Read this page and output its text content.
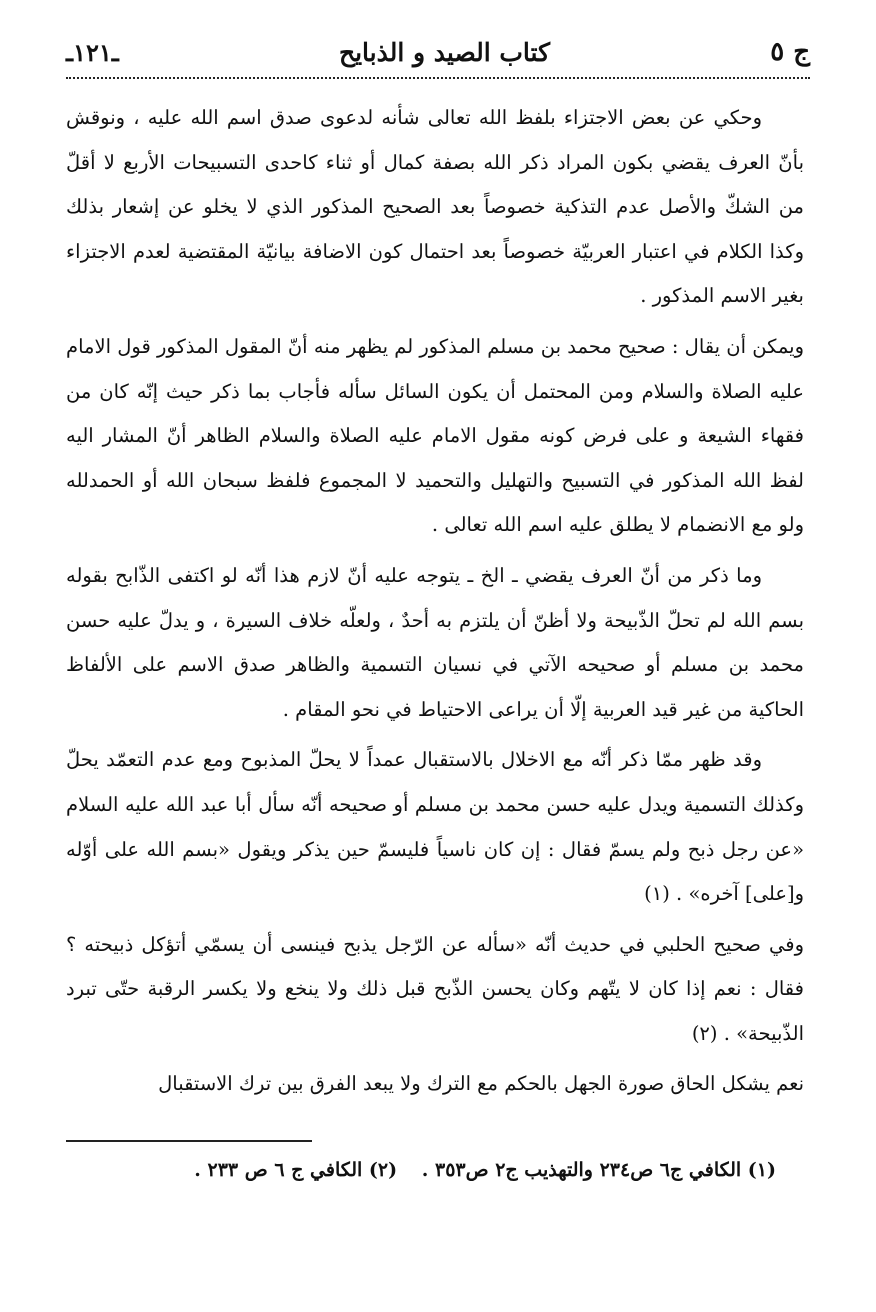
ج ٥
كتاب الصيد و الذبايح
ـ١٢١ـ

وحكي عن بعض الاجتزاء بلفظ الله تعالى شأنه لدعوى صدق اسم الله عليه ، ونوقش بأنّ العرف يقضي بكون المراد ذكر الله بصفة كمال أو ثناء كاحدى التسبيحات الأربع لا أقلّ من الشكّ والأصل عدم التذكية خصوصاً بعد الصحيح المذكور الذي لا يخلو عن إشعار بذلك وكذا الكلام في اعتبار العربيّة خصوصاً بعد احتمال كون الاضافة بيانيّة المقتضية لعدم الاجتزاء بغير الاسم المذكور .

ويمكن أن يقال : صحيح محمد بن مسلم المذكور لم يظهر منه أنّ المقول المذكور قول الامام عليه الصلاة والسلام ومن المحتمل أن يكون السائل سأله فأجاب بما ذكر حيث إنّه كان من فقهاء الشيعة و على فرض كونه مقول الامام عليه الصلاة والسلام الظاهر أنّ المشار اليه لفظ الله المذكور في التسبيح والتهليل والتحميد لا المجموع فلفظ سبحان الله أو الحمدلله ولو مع الانضمام لا يطلق عليه اسم الله تعالى .

وما ذكر من أنّ العرف يقضي ـ الخ ـ يتوجه عليه أنّ لازم هذا أنّه لو اكتفى الذّابح بقوله بسم الله لم تحلّ الذّبيحة ولا أظنّ أن يلتزم به أحدٌ ، ولعلّه خلاف السيرة ، و يدلّ عليه حسن محمد بن مسلم أو صحيحه الآتي في نسيان التسمية والظاهر صدق الاسم على الألفاظ الحاكية من غير قيد العربية إلّا أن يراعى الاحتياط في نحو المقام .

وقد ظهر ممّا ذكر أنّه مع الاخلال بالاستقبال عمداً لا يحلّ المذبوح ومع عدم التعمّد يحلّ وكذلك التسمية ويدل عليه حسن محمد بن مسلم أو صحيحه أنّه سأل أبا عبد الله عليه السلام «عن رجل ذبح ولم يسمّ فقال : إن كان ناسياً فليسمّ حين يذكر ويقول «بسم الله على أوّله و[على] آخره» . (١)

وفي صحيح الحلبي في حديث أنّه «سأله عن الرّجل يذبح فينسى أن يسمّي أتؤكل ذبيحته ؟ فقال : نعم إذا كان لا يتّهم وكان يحسن الذّبح قبل ذلك ولا ينخع ولا يكسر الرقبة حتّى تبرد الذّبيحة» . (٢)

نعم يشكل الحاق صورة الجهل بالحكم مع الترك ولا يبعد الفرق بين ترك الاستقبال

(١) الكافي ج٦ ص٢٣٤ والتهذيب ج٢ ص٣٥٣ . (٢) الكافي ج ٦ ص ٢٣٣ .
